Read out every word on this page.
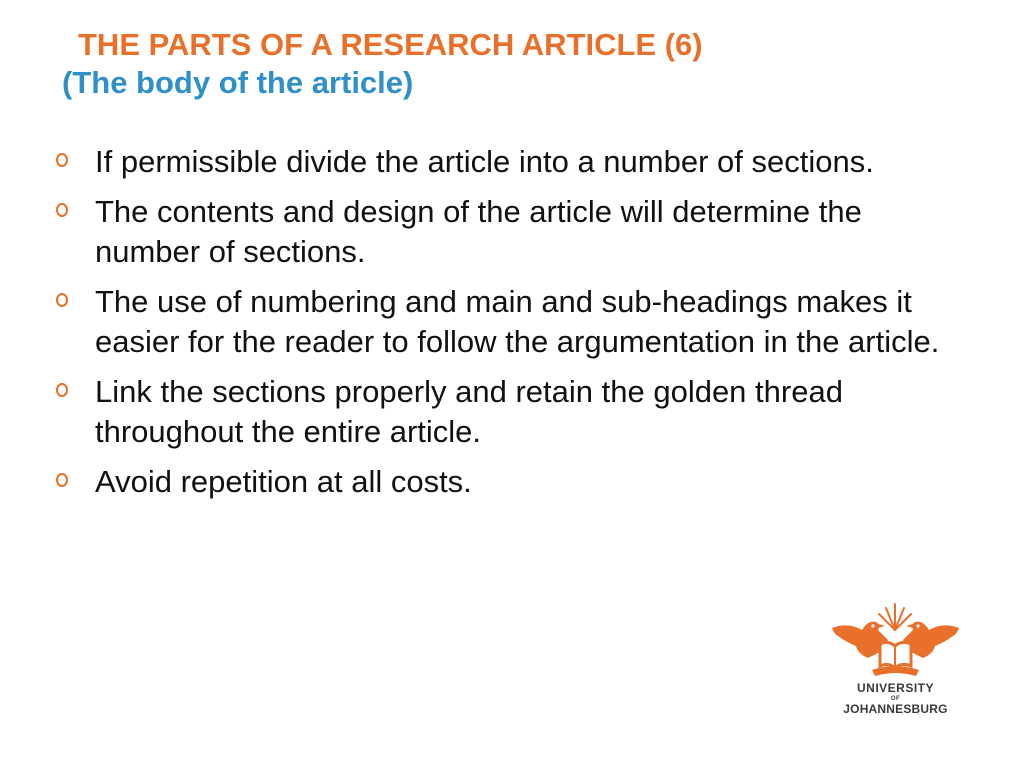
THE PARTS OF A RESEARCH ARTICLE (6)
(The body of the article)
If permissible divide the article into a number of sections.
The contents and design of the article will determine the number of sections.
The use of numbering and main and sub-headings makes it easier for the reader to follow the argumentation in the article.
Link the sections properly and retain the golden thread throughout the entire article.
Avoid repetition at all costs.
UNIVERSITY
OF
JOHANNESBURG
